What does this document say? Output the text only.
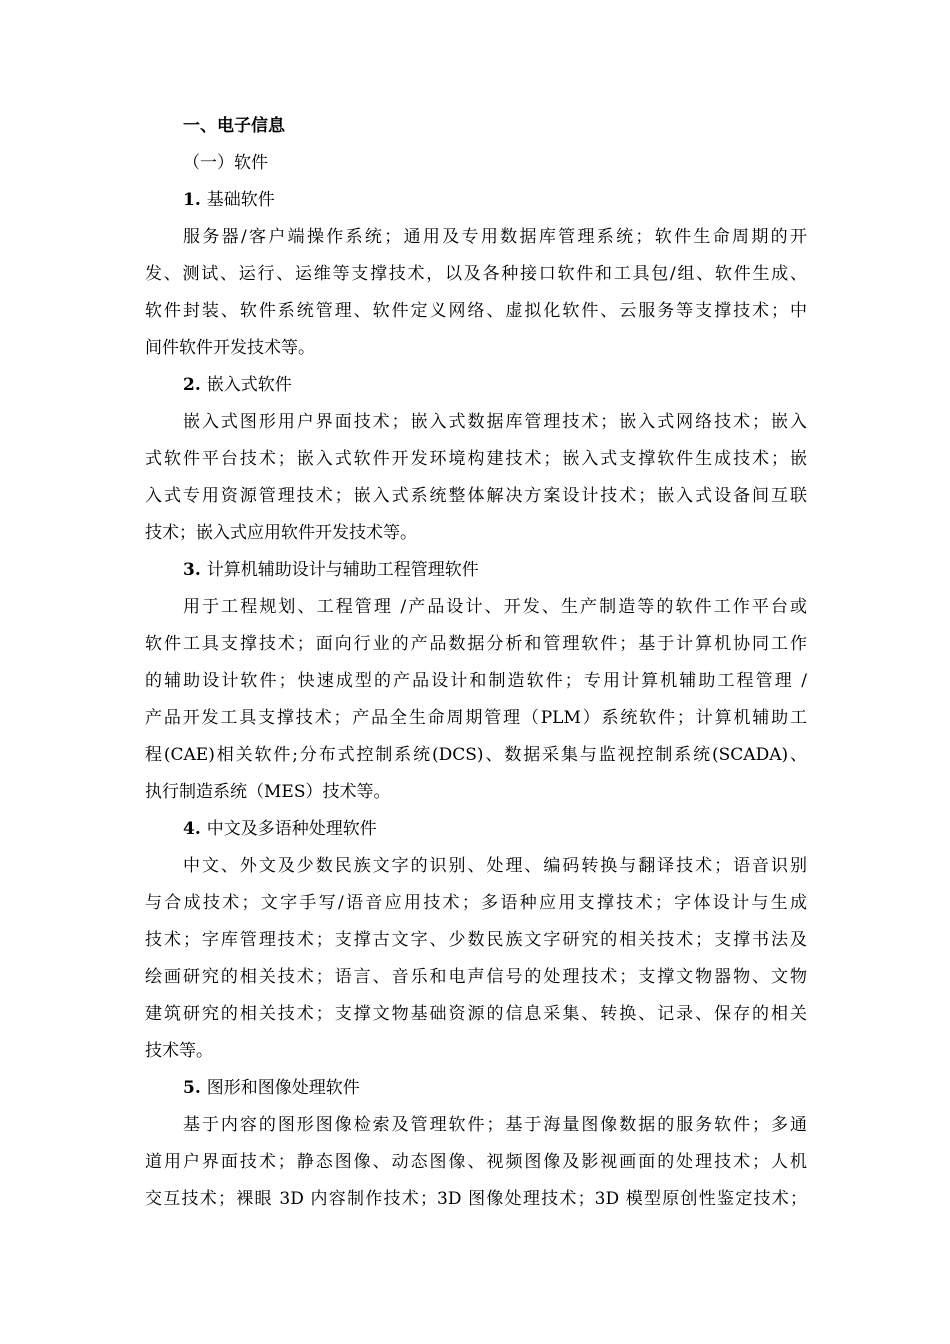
一、电子信息
（一）软件
1. 基础软件
服务器/客户端操作系统；通用及专用数据库管理系统；软件生命周期的开
发、测试、运行、运维等支撑技术，以及各种接口软件和工具包/组、软件生成、
软件封装、软件系统管理、软件定义网络、虚拟化软件、云服务等支撑技术；中
间件软件开发技术等。
2. 嵌入式软件
嵌入式图形用户界面技术；嵌入式数据库管理技术；嵌入式网络技术；嵌入
式软件平台技术；嵌入式软件开发环境构建技术；嵌入式支撑软件生成技术；嵌
入式专用资源管理技术；嵌入式系统整体解决方案设计技术；嵌入式设备间互联
技术；嵌入式应用软件开发技术等。
3. 计算机辅助设计与辅助工程管理软件
用于工程规划、工程管理 /产品设计、开发、生产制造等的软件工作平台或
软件工具支撑技术；面向行业的产品数据分析和管理软件；基于计算机协同工作
的辅助设计软件；快速成型的产品设计和制造软件；专用计算机辅助工程管理 /
产品开发工具支撑技术；产品全生命周期管理（PLM）系统软件；计算机辅助工
程(CAE)相关软件;分布式控制系统(DCS)、数据采集与监视控制系统(SCADA)、
执行制造系统（MES）技术等。
4. 中文及多语种处理软件
中文、外文及少数民族文字的识别、处理、编码转换与翻译技术；语音识别
与合成技术；文字手写/语音应用技术；多语种应用支撑技术；字体设计与生成
技术；字库管理技术；支撑古文字、少数民族文字研究的相关技术；支撑书法及
绘画研究的相关技术；语言、音乐和电声信号的处理技术；支撑文物器物、文物
建筑研究的相关技术；支撑文物基础资源的信息采集、转换、记录、保存的相关
技术等。
5. 图形和图像处理软件
基于内容的图形图像检索及管理软件；基于海量图像数据的服务软件；多通
道用户界面技术；静态图像、动态图像、视频图像及影视画面的处理技术；人机
交互技术；裸眼 3D 内容制作技术；3D 图像处理技术；3D 模型原创性鉴定技术；
